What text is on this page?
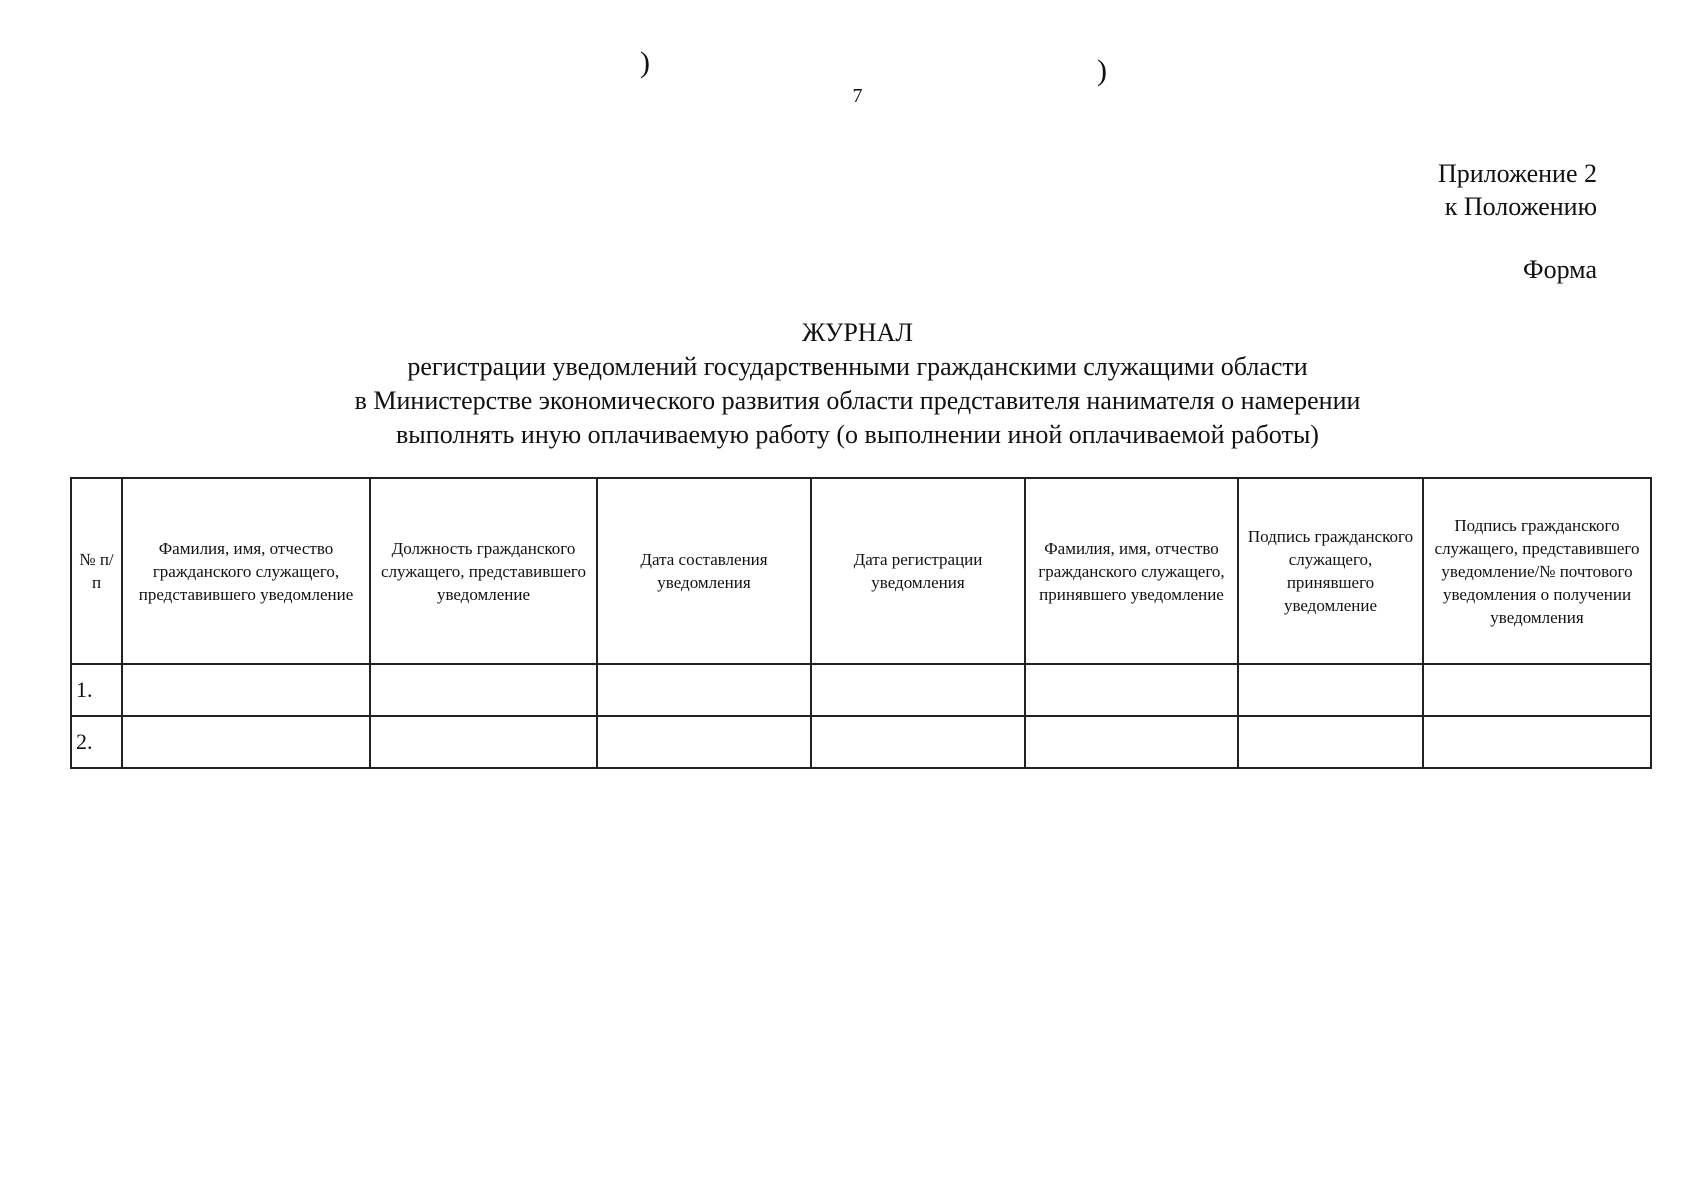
)	)
7
Приложение 2
к Положению
Форма
ЖУРНАЛ
регистрации уведомлений государственными гражданскими служащими области
в Министерстве экономического развития области представителя нанимателя о намерении
выполнять иную оплачиваемую работу (о выполнении иной оплачиваемой работы)
№ п/п	Фамилия, имя, отчество гражданского служащего, представившего уведомление	Должность гражданского служащего, представившего уведомление	Дата составления уведомления	Дата регистрации уведомления	Фамилия, имя, отчество гражданского служащего, принявшего уведомление	Подпись гражданского служащего, принявшего уведомление	Подпись гражданского служащего, представившего уведомление/№ почтового уведомления о получении уведомления
1.							
2.							
